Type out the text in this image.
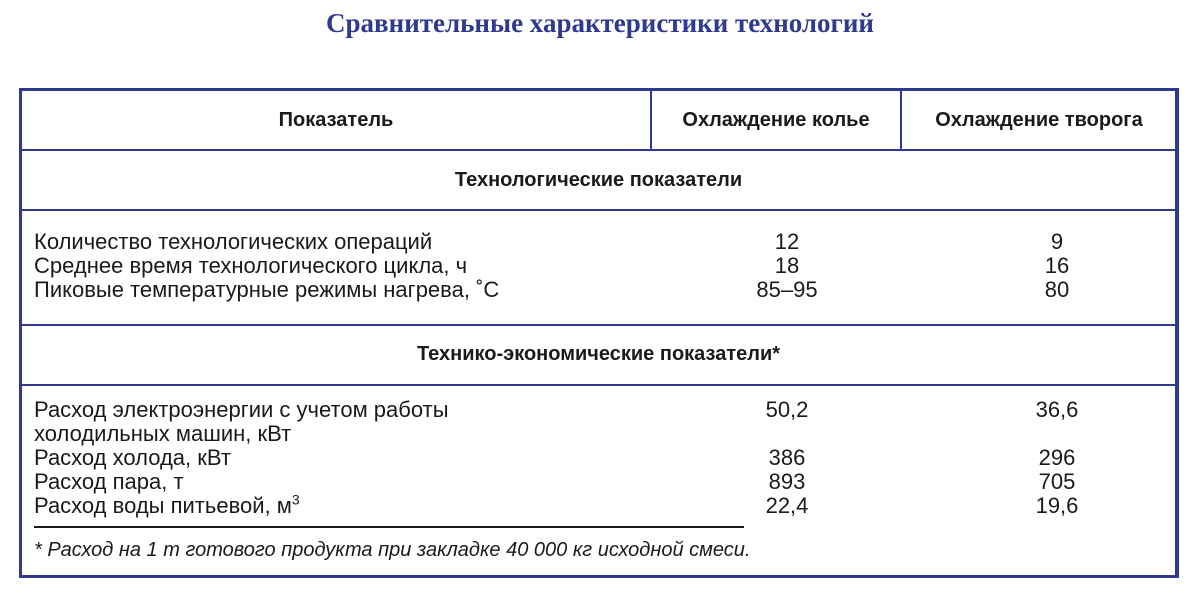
Сравнительные характеристики технологий
Показатель	Охлаждение колье	Охлаждение творога
Технологические показатели
Количество технологических операций	12	9
Среднее время технологического цикла, ч	18	16
Пиковые температурные режимы нагрева, ˚С	85–95	80
Технико-экономические показатели*
Расход электроэнергии с учетом работы	50,2	36,6
холодильных машин, кВт
Расход холода, кВт	386	296
Расход пара, т	893	705
Расход воды питьевой, $м^3$	22,4	19,6
* Расход на 1 т готового продукта при закладке 40 000 кг исходной смеси.
